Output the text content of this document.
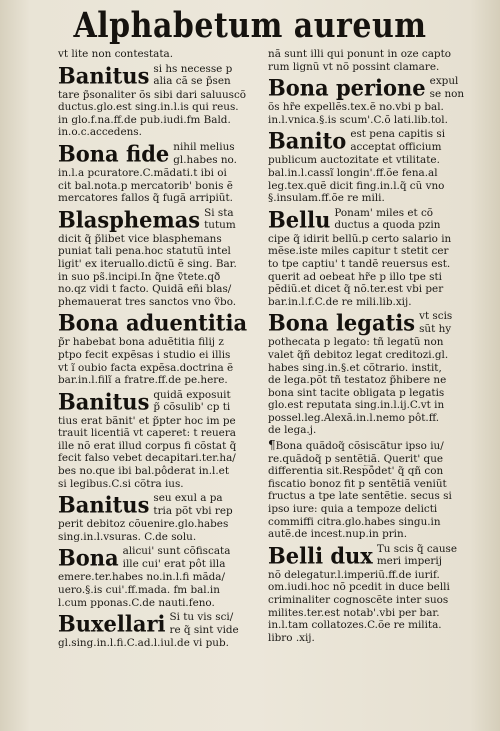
Alphabetum aureum

vt lite non contestata.

Banitus si hs necesse p

alia cã se p̃sen

tare p̃sonaliter õs sibi dari saluuscõ

ductus.glo.est sing.in.l.is qui reus.

in glo.f.na.ff.de pub.iudi.fm Bald.

in.o.c.accedens.

Bona fide nihil melius

gl.habes no.

in.l.a pcuratore.C.mãdati.t ibi oi

cit bal.nota.p mercatorib' bonis ẽ

mercatores fallos q̃ fugã arripiũt.

Blasphemas Si sta

tutum

dicit q̃ p̃libet vice blasphemans

puniat tali pena.hoc statutũ intel

ligit' ex iteruallo.dictũ ẽ sing. Bar.

in suo ps̃.incipi.In q̃ne ṽtete.qð

no.qz vidi t facto. Quidã eñi blas/

phemauerat tres sanctos vno ṽbo.

Bona aduentitia

p̃r habebat bona aduẽtitia filij z

pt̃po fecit expẽsas i studio ei illis

vt ĩ oubio facta expẽsa.doctrina ẽ

bar.in.l.filĩ a fratre.ff.de pe.here.

Banitus quidã exposuit

p̃ cõsulib' cp ti

tius erat bãnit' et p̃pter hoc im pe

trauit licentiã vt caperet: t reuera

ille nõ erat illud corpus fi cõstat q̃

fecit falso vebet decapitari.ter.ha/

bes no.que ibi bal.pôderat in.l.et

si legibus.C.si cõtra ius.

Banitus seu exul a pa

tria põt vbi rep

perit debitoz cõuenire.glo.habes

sing.in.l.vsuras. C.de solu.

Bona alicui' sunt cõfiscata

ille cui' erat pôt illa

emere.ter.habes no.in.l.fi mãda/

uero.§.is cui'.ff.mada. fm bal.in

l.cum pponas.C.de nauti.feno.

Buxellari Si tu vis sci/

re q̃ sint vide

gl.sing.in.l.fi.C.ad.l.iul.de vi pub.

nã sunt illi qui ponunt in oze capto

rum lignũ vt nõ possint clamare.

Bona perione expul

se non

õs hr̃e expellẽs.tex.ẽ no.vbi p bal.

in.l.vnica.§.is scum'.C.õ lati.lib.tol.

Banito est pena capitis si

acceptat officium

publicum auctozitate et vtilitate.

bal.in.l.cassĩ longin'.ff.õe fena.al

leg.tex.quẽ dicit fing.in.l.q̃ cũ vno

§.insulam.ff.õe re mili.

Bellu Ponam' miles et cõ

ductus a quoda pzin

cipe q̃ idirit bellũ.p certo salario in

mẽse.iste miles capitur t stetit cer

to tpe captiu' t tandẽ reuersus est.

querit ad oebeat hr̃e p illo tpe sti

pẽdiũ.et dicet q̃ nõ.ter.est vbi per

bar.in.l.f.C.de re mili.lib.xij.

Bona legatis vt scis

sũt hy

pothecata p legato: tñ legatũ non

valet q̃ñ debitoz legat creditozi.gl.

habes sing.in.§.et cõtrario. instit,

de lega.põt tñ testatoz p̃hibere ne

bona sint tacite obligata p legatis

glo.est reputata sing.in.l.ij.C.vt in

possel.leg.Alexã.in.l.nemo pôt.ff.

de lega.j.

¶Bona quãdoq̃ cõsiscãtur ipso iu/

re.quãdoq̃ p sentẽtiã. Querit' que

differentia sit.Resp͡õdet' q̃ qñ con

fiscatio bonoz fit p sentẽtiã veniũt

fructus a tpe late sentẽtie. secus si

ipso iure: quia a tempoze delicti

commiffi citra.glo.habes singu.in

autẽ.de incest.nup.in prin.

Belli dux Tu scis q̃ cause

meri imperij

nõ delegatur.l.imperiũ.ff.de iurif.

om.iudi.hoc nõ pcedit in duce belli

criminaliter cognoscẽte inter suos

milites.ter.est notab'.vbi per bar.

in.l.tam collatozes.C.õe re milita.

libro .xij.
